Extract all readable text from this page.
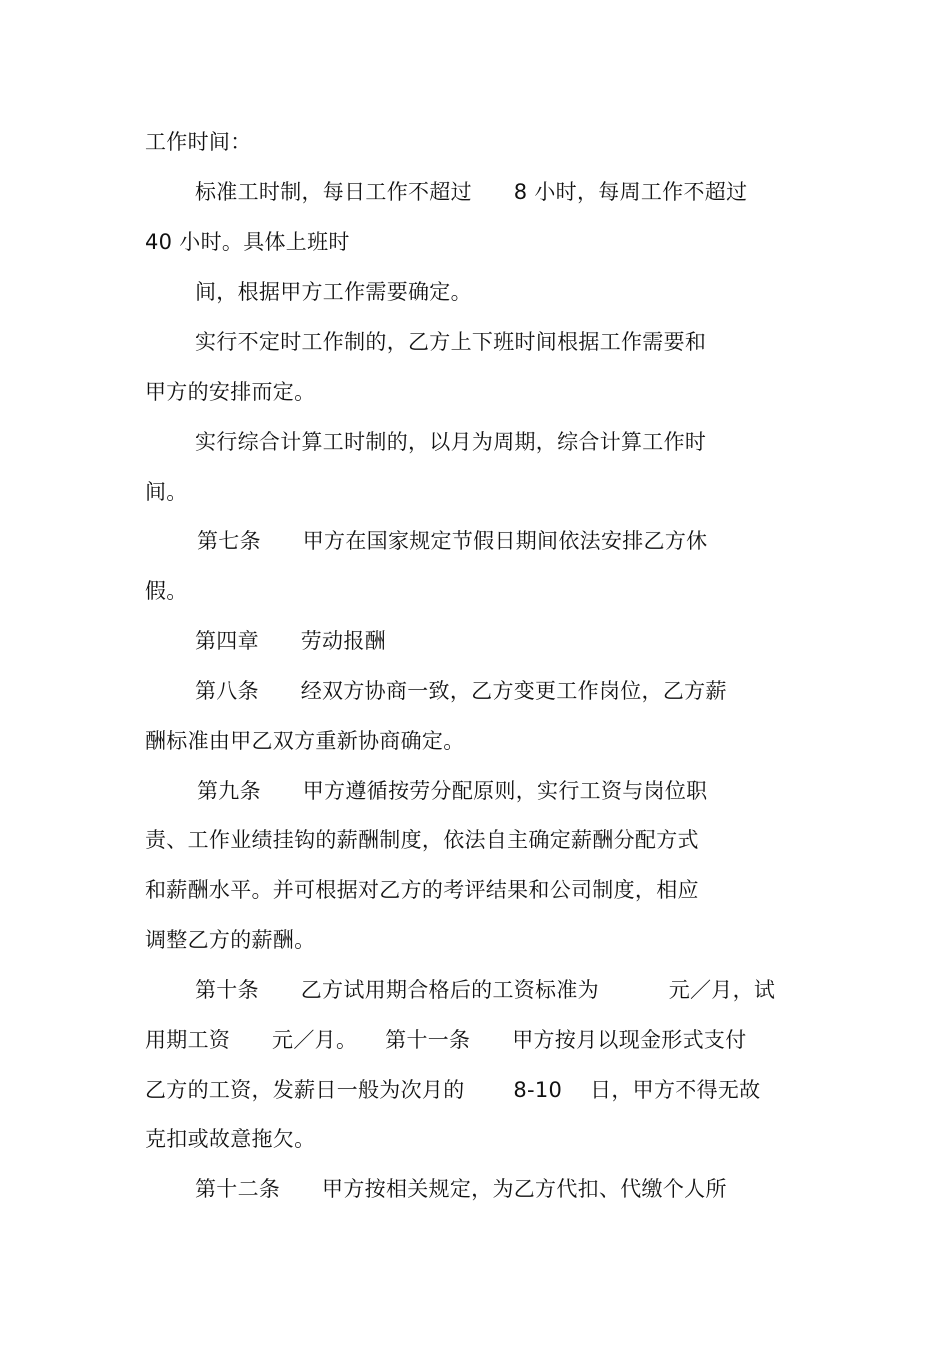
工作时间：
标准工时制，每日工作不超过      8 小时，每周工作不超过
40 小时。具体上班时
间，根据甲方工作需要确定。
实行不定时工作制的，乙方上下班时间根据工作需要和
甲方的安排而定。
实行综合计算工时制的，以月为周期，综合计算工作时
间。
第七条      甲方在国家规定节假日期间依法安排乙方休
假。
第四章      劳动报酬
第八条      经双方协商一致，乙方变更工作岗位，乙方薪
酬标准由甲乙双方重新协商确定。
第九条      甲方遵循按劳分配原则，实行工资与岗位职
责、工作业绩挂钩的薪酬制度，依法自主确定薪酬分配方式
和薪酬水平。并可根据对乙方的考评结果和公司制度，相应
调整乙方的薪酬。
第十条      乙方试用期合格后的工资标准为          元／月，试
用期工资      元／月。    第十一条      甲方按月以现金形式支付
乙方的工资，发薪日一般为次月的       8-10    日，甲方不得无故
克扣或故意拖欠。
第十二条      甲方按相关规定，为乙方代扣、代缴个人所
